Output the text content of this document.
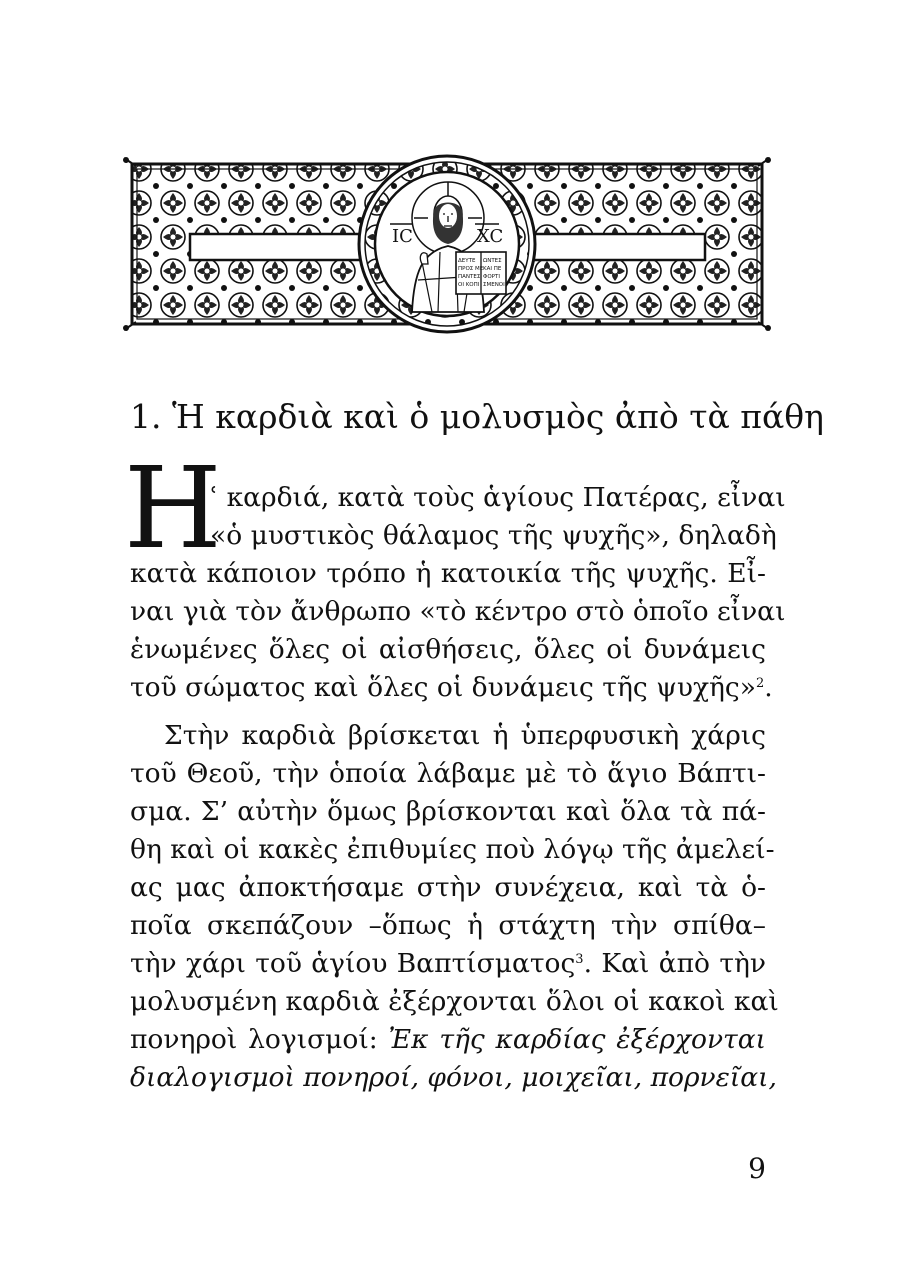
IC	XC
ΔΕΥΤΕ
ΠΡΟΣ ΜΕ
ΠΑΝΤΕΣ
ΟΙ ΚΟΠΙ
ΩΝΤΕΣ
ΚΑΙ ΠΕ
ΦΟΡΤΙ
ΣΜΕΝΟΙ
1. Ἡ καρδιὰ καὶ ὁ μολυσμὸς ἀπὸ τὰ πάθη
Η
ʿ καρδιά, κατὰ τοὺς ἁγίους Πατέρας, εἶναι
«ὁ μυστικὸς θάλαμος τῆς ψυχῆς», δηλαδὴ
κατὰ κάποιον τρόπο ἡ κατοικία τῆς ψυχῆς. Εἶ-
ναι γιὰ τὸν ἄνθρωπο «τὸ κέντρο στὸ ὁποῖο εἶναι
ἑνωμένες ὅλες οἱ αἰσθήσεις, ὅλες οἱ δυνάμεις
τοῦ σώματος καὶ ὅλες οἱ δυνάμεις τῆς ψυχῆς»$^2$.
Στὴν καρδιὰ βρίσκεται ἡ ὑπερφυσικὴ χάρις
τοῦ Θεοῦ, τὴν ὁποία λάβαμε μὲ τὸ ἅγιο Βάπτι-
σμα. Σ’ αὐτὴν ὅμως βρίσκονται καὶ ὅλα τὰ πά-
θη καὶ οἱ κακὲς ἐπιθυμίες ποὺ λόγῳ τῆς ἀμελεί-
ας μας ἀποκτήσαμε στὴν συνέχεια, καὶ τὰ ὁ-
ποῖα σκεπάζουν –ὅπως ἡ στάχτη τὴν σπίθα–
τὴν χάρι τοῦ ἁγίου Βαπτίσματος$^3$. Καὶ ἀπὸ τὴν
μολυσμένη καρδιὰ ἐξέρχονται ὅλοι οἱ κακοὶ καὶ
πονηροὶ λογισμοί: Ἐκ τῆς καρδίας ἐξέρχονται
διαλογισμοὶ πονηροί, φόνοι, μοιχεῖαι, πορνεῖαι,
9
